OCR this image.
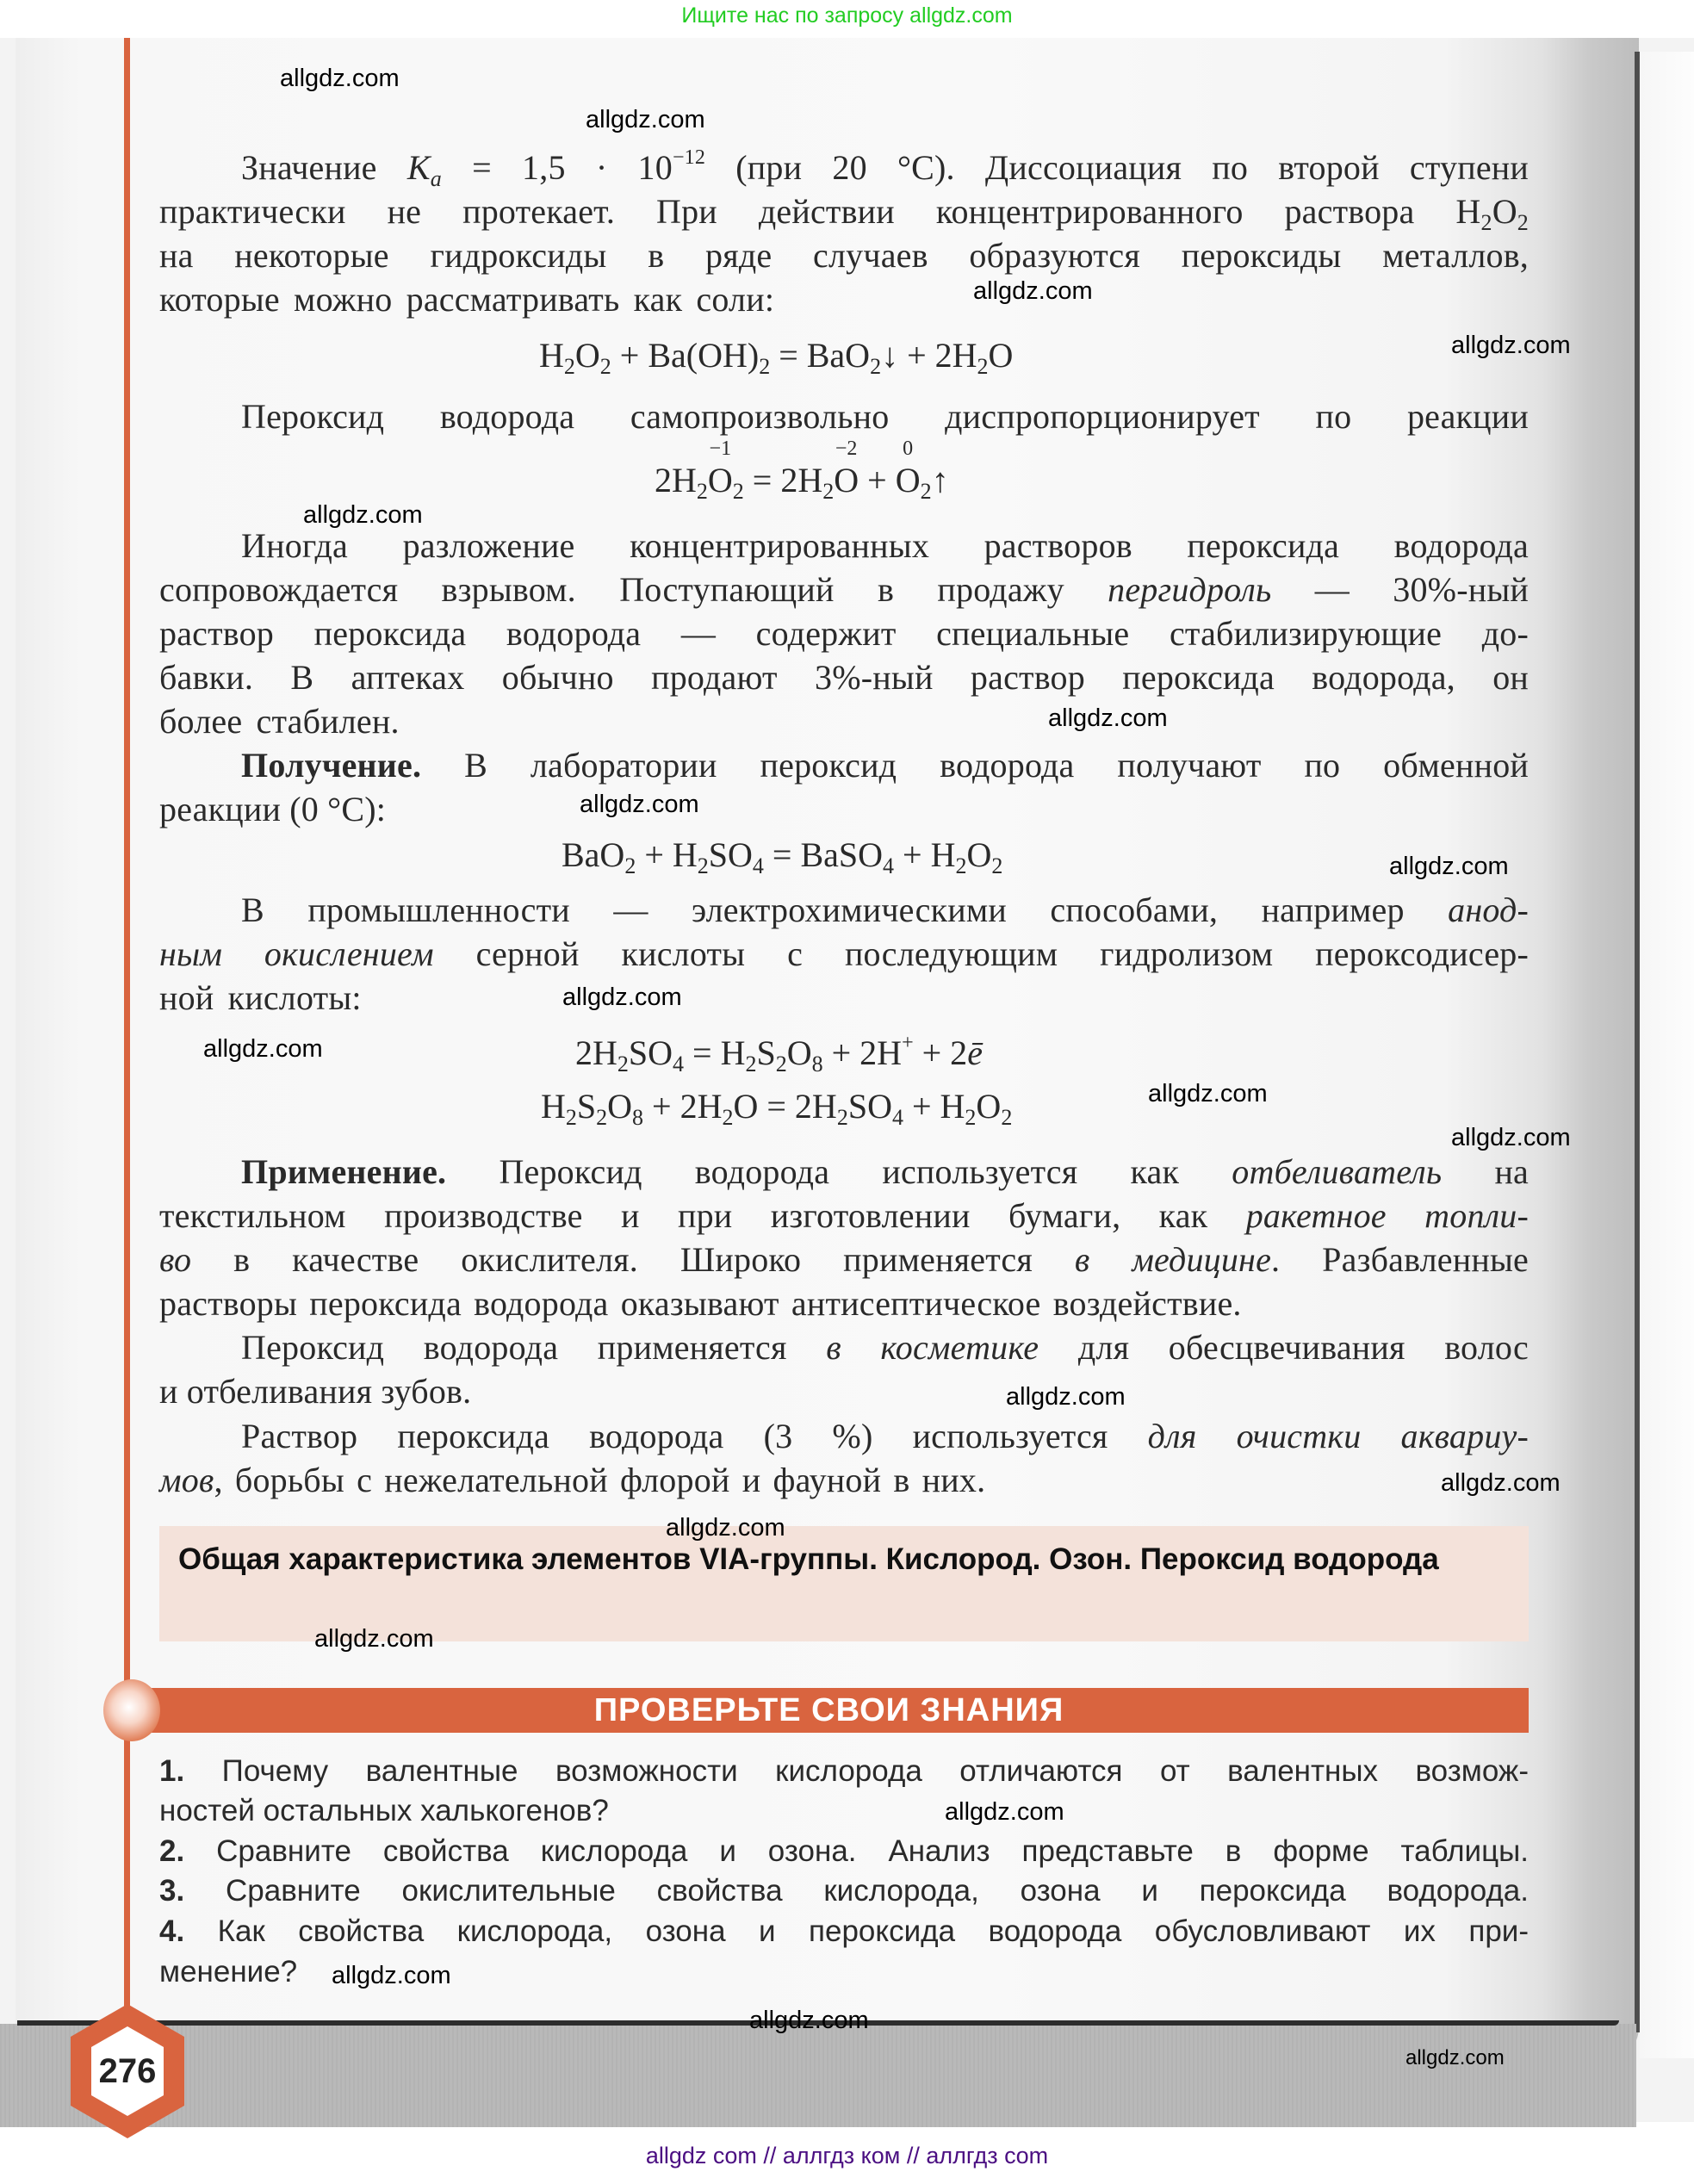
Ищите нас по запросу allgdz.com
Значение $K_a = 1,5 \cdot 10^{-12}$ (при 20 °C). Диссоциация по второй ступени
практически не протекает. При действии концентрированного раствора $H_2O_2$
на некоторые гидроксиды в ряде случаев образуются пероксиды металлов,
которые можно рассматривать как соли:
$H_2O_2 + Ba(OH)_2$ = BaO$_2$↓ + $2H_2O$
Пероксид водорода самопроизвольно диспропорционирует по реакции
$2H_2$
−1
$O_2 = 2H_2$
−2
O +
0
$O_2↑$
Иногда разложение концентрированных растворов пероксида водорода
сопровождается взрывом. Поступающий в продажу пергидроль — 30%-ный
раствор пероксида водорода — содержит специальные стабилизирующие до-
бавки. В аптеках обычно продают 3%-ный раствор пероксида водорода, он
более стабилен.
Получение. В лаборатории пероксид водорода получают по обменной
реакции (0 °C):
$BaO_2 + H_2SO_4$ = BaSO$_4$ + $H_2O_2$
В промышленности — электрохимическими способами, например анод-
ным окислением серной кислоты с последующим гидролизом пероксодисер-
ной кислоты:
$2H_2SO_4 = H_2S_2O_8 + 2H^+$ + 2ē
$H_2S_2O_8 + 2H_2O = 2H_2SO_4 + H_2O_2$
Применение. Пероксид водорода используется как отбеливатель на
текстильном производстве и при изготовлении бумаги, как ракетное топли-
во в качестве окислителя. Широко применяется в медицине. Разбавленные
растворы пероксида водорода оказывают антисептическое воздействие.
Пероксид водорода применяется в косметике для обесцвечивания волос
и отбеливания зубов.
Раствор пероксида водорода (3 %) используется для очистки аквариу-
мов, борьбы с нежелательной флорой и фауной в них.
Общая характеристика элементов VIA-группы. Кислород. Озон. Пероксид водорода
ПРОВЕРЬТЕ СВОИ ЗНАНИЯ
1. Почему валентные возможности кислорода отличаются от валентных возмож-
ностей остальных халькогенов?
2. Сравните свойства кислорода и озона. Анализ представьте в форме таблицы.
3. Сравните окислительные свойства кислорода, озона и пероксида водорода.
4. Как свойства кислорода, озона и пероксида водорода обусловливают их при-
менение?
276
allgdz.com
allgdz.com
allgdz.com
allgdz.com
allgdz.com
allgdz.com
allgdz.com
allgdz.com
allgdz.com
allgdz.com
allgdz.com
allgdz.com
allgdz.com
allgdz.com
allgdz.com
allgdz.com
allgdz.com
allgdz.com
allgdz.com
allgdz.com
allgdz com // аллгдз ком // аллгдз com
